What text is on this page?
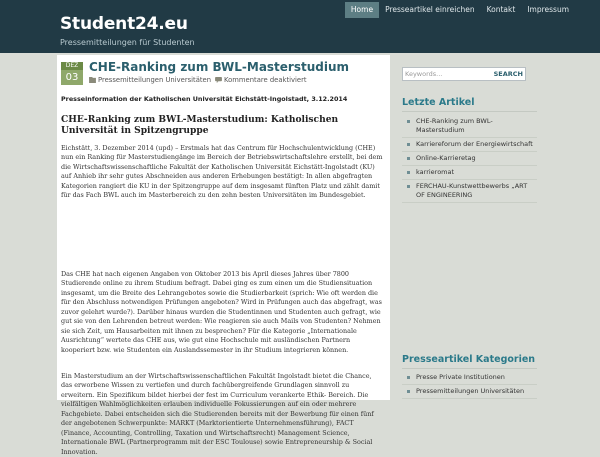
Student24.eu
Pressemitteilungen für Studenten
Home	Presseartikel einreichen	Kontakt	Impressum
DEZ
03
CHE-Ranking zum BWL-Masterstudium
Pressemitteilungen Universitäten Kommentare deaktiviert
Presseinformation der Katholischen Universität Eichstätt-Ingolstadt, 3.12.2014
CHE-Ranking zum BWL-Masterstudium: Katholischen Universität in Spitzengruppe

Eichstätt, 3. Dezember 2014 (upd) – Erstmals hat das Centrum für Hochschulentwicklung (CHE) nun ein Ranking für Masterstudiengänge im Bereich der Betriebswirtschaftslehre erstellt, bei dem die Wirtschaftswissenschaftliche Fakultät der Katholischen Universität Eichstätt-Ingolstadt (KU) auf Anhieb ihr sehr gutes Abschneiden aus anderen Erhebungen bestätigt: In allen abgefragten Kategorien rangiert die KU in der Spitzengruppe auf dem insgesamt fünften Platz und zählt damit für das Fach BWL auch im Masterbereich zu den zehn besten Universitäten im Bundesgebiet.

Das CHE hat nach eigenen Angaben von Oktober 2013 bis April dieses Jahres über 7800 Studierende online zu ihrem Studium befragt. Dabei ging es zum einen um die Studiensituation insgesamt, um die Breite des Lehrangebotes sowie die Studierbarkeit (sprich: Wie oft werden die für den Abschluss notwendigen Prüfungen angeboten? Wird in Prüfungen auch das abgefragt, was zuvor gelehrt wurde?). Darüber hinaus wurden die Studentinnen und Studenten auch gefragt, wie gut sie von den Lehrenden betreut werden: Wie reagieren sie auch Mails von Studenten? Nehmen sie sich Zeit, um Hausarbeiten mit ihnen zu besprechen? Für die Kategorie „Internationale Ausrichtung“ wertete das CHE aus, wie gut eine Hochschule mit ausländischen Partnern kooperiert bzw. wie Studenten ein Auslandssemester in ihr Studium integrieren können.

Ein Masterstudium an der Wirtschaftswissenschaftlichen Fakultät Ingolstadt bietet die Chance, das erworbene Wissen zu vertiefen und durch fachübergreifende Grundlagen sinnvoll zu erweitern. Ein Spezifikum bildet hierbei der fest im Curriculum verankerte Ethik- Bereich. Die vielfältigen Wahlmöglichkeiten erlauben individuelle Fokussierungen auf ein oder mehrere Fachgebiete. Dabei entscheiden sich die Studierenden bereits mit der Bewerbung für einen fünf der angebotenen Schwerpunkte: MARKT (Marktorientierte Unternehmensführung), FACT (Finance, Accounting, Controlling, Taxation und Wirtschaftsrecht) Management Science, Internationale BWL (Partnerprogramm mit der ESC Toulouse) sowie Entrepreneurship & Social Innovation.

Keywords...
SEARCH
Letzte Artikel
CHE-Ranking zum BWL-Masterstudium
Karriereforum der Energiewirtschaft
Online-Karrieretag
karrieromat
FERCHAU-Kunstwettbewerbs „ART OF ENGINEERING
Presseartikel Kategorien
Presse Private Institutionen
Pressemitteilungen Universitäten
